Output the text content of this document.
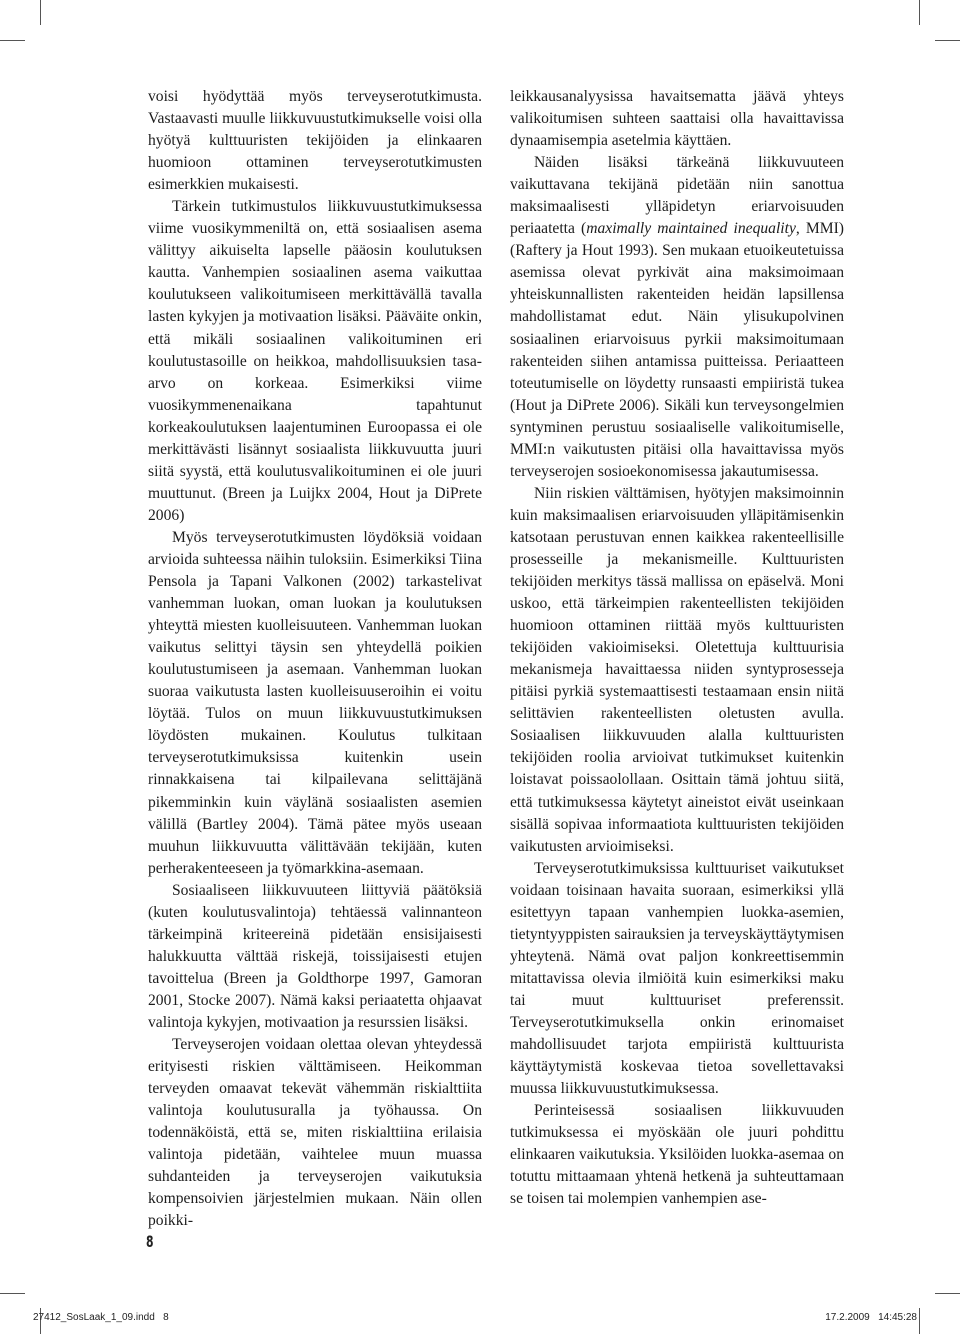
voisi hyödyttää myös terveyserotutkimusta. Vastaavasti muulle liikkuvuustutkimukselle voisi olla hyötyä kulttuuristen tekijöiden ja elinkaaren huomioon ottaminen terveyserotutkimusten esimerkkien mukaisesti.

Tärkein tutkimustulos liikkuvuustutkimuksessa viime vuosikymmeniltä on, että sosiaalisen asema välittyy aikuiselta lapselle pääosin koulutuksen kautta. Vanhempien sosiaalinen asema vaikuttaa koulutukseen valikoitumiseen merkittävällä tavalla lasten kykyjen ja motivaation lisäksi. Pääväite onkin, että mikäli sosiaalinen valikoituminen eri koulutustasoille on heikkoa, mahdollisuuksien tasa-arvo on korkeaa. Esimerkiksi viime vuosikymmenenaikana tapahtunut korkeakoulutuksen laajentuminen Euroopassa ei ole merkittävästi lisännyt sosiaalista liikkuvuutta juuri siitä syystä, että koulutusvalikoituminen ei ole juuri muuttunut. (Breen ja Luijkx 2004, Hout ja DiPrete 2006)

Myös terveyserotutkimusten löydöksiä voidaan arvioida suhteessa näihin tuloksiin. Esimerkiksi Tiina Pensola ja Tapani Valkonen (2002) tarkastelivat vanhemman luokan, oman luokan ja koulutuksen yhteyttä miesten kuolleisuuteen. Vanhemman luokan vaikutus selittyi täysin sen yhteydellä poikien koulutustumiseen ja asemaan. Vanhemman luokan suoraa vaikutusta lasten kuolleisuuseroihin ei voitu löytää. Tulos on muun liikkuvuustutkimuksen löydösten mukainen. Koulutus tulkitaan terveyserotutkimuksissa kuitenkin usein rinnakkaisena tai kilpailevana selittäjänä pikemminkin kuin väylänä sosiaalisten asemien välillä (Bartley 2004). Tämä pätee myös useaan muuhun liikkuvuutta välittävään tekijään, kuten perherakenteeseen ja työmarkkina-asemaan.

Sosiaaliseen liikkuvuuteen liittyviä päätöksiä (kuten koulutusvalintoja) tehtäessä valinnanteon tärkeimpinä kriteereinä pidetään ensisijaisesti halukkuutta välttää riskejä, toissijaisesti etujen tavoittelua (Breen ja Goldthorpe 1997, Gamoran 2001, Stocke 2007). Nämä kaksi periaatetta ohjaavat valintoja kykyjen, motivaation ja resurssien lisäksi.

Terveyserojen voidaan olettaa olevan yhteydessä erityisesti riskien välttämiseen. Heikomman terveyden omaavat tekevät vähemmän riskialttiita valintoja koulutusuralla ja työhaussa. On todennäköistä, että se, miten riskialttiina erilaisia valintoja pidetään, vaihtelee muun muassa suhdanteiden ja terveyserojen vaikutuksia kompensoivien järjestelmien mukaan. Näin ollen poikki-

leikkausanalyysissa havaitsematta jäävä yhteys valikoitumisen suhteen saattaisi olla havaittavissa dynaamisempia asetelmia käyttäen.

Näiden lisäksi tärkeänä liikkuvuuteen vaikuttavana tekijänä pidetään niin sanottua maksimaalisesti ylläpidetyn eriarvoisuuden periaatetta (maximally maintained inequality, MMI) (Raftery ja Hout 1993). Sen mukaan etuoikeutetuissa asemissa olevat pyrkivät aina maksimoimaan yhteiskunnallisten rakenteiden heidän lapsillensa mahdollistamat edut. Näin ylisukupolvinen sosiaalinen eriarvoisuus pyrkii maksimoitumaan rakenteiden siihen antamissa puitteissa. Periaatteen toteutumiselle on löydetty runsaasti empiiristä tukea (Hout ja DiPrete 2006). Sikäli kun terveysongelmien syntyminen perustuu sosiaaliselle valikoitumiselle, MMI:n vaikutusten pitäisi olla havaittavissa myös terveyserojen sosioekonomisessa jakautumisessa.

Niin riskien välttämisen, hyötyjen maksimoinnin kuin maksimaalisen eriarvoisuuden ylläpitämisenkin katsotaan perustuvan ennen kaikkea rakenteellisille prosesseille ja mekanismeille. Kulttuuristen tekijöiden merkitys tässä mallissa on epäselvä. Moni uskoo, että tärkeimpien rakenteellisten tekijöiden huomioon ottaminen riittää myös kulttuuristen tekijöiden vakioimiseksi. Oletettuja kulttuurisia mekanismeja havaittaessa niiden syntyprosesseja pitäisi pyrkiä systemaattisesti testaamaan ensin niitä selittävien rakenteellisten oletusten avulla. Sosiaalisen liikkuvuuden alalla kulttuuristen tekijöiden roolia arvioivat tutkimukset kuitenkin loistavat poissaolollaan. Osittain tämä johtuu siitä, että tutkimuksessa käytetyt aineistot eivät useinkaan sisällä sopivaa informaatiota kulttuuristen tekijöiden vaikutusten arvioimiseksi.

Terveyserotutkimuksissa kulttuuriset vaikutukset voidaan toisinaan havaita suoraan, esimerkiksi yllä esitettyyn tapaan vanhempien luokka-asemien, tietyntyyppisten sairauksien ja terveyskäyttäytymisen yhteytenä. Nämä ovat paljon konkreettisemmin mitattavissa olevia ilmiöitä kuin esimerkiksi maku tai muut kulttuuriset preferenssit. Terveyserotutkimuksella onkin erinomaiset mahdollisuudet tarjota empiiristä kulttuurista käyttäytymistä koskevaa tietoa sovellettavaksi muussa liikkuvuustutkimuksessa.

Perinteisessä sosiaalisen liikkuvuuden tutkimuksessa ei myöskään ole juuri pohdittu elinkaaren vaikutuksia. Yksilöiden luokka-asemaa on totuttu mittaamaan yhtenä hetkenä ja suhteuttamaan se toisen tai molempien vanhempien ase-

8
27412_SosLaak_1_09.indd   8	17.2.2009   14:45:28
